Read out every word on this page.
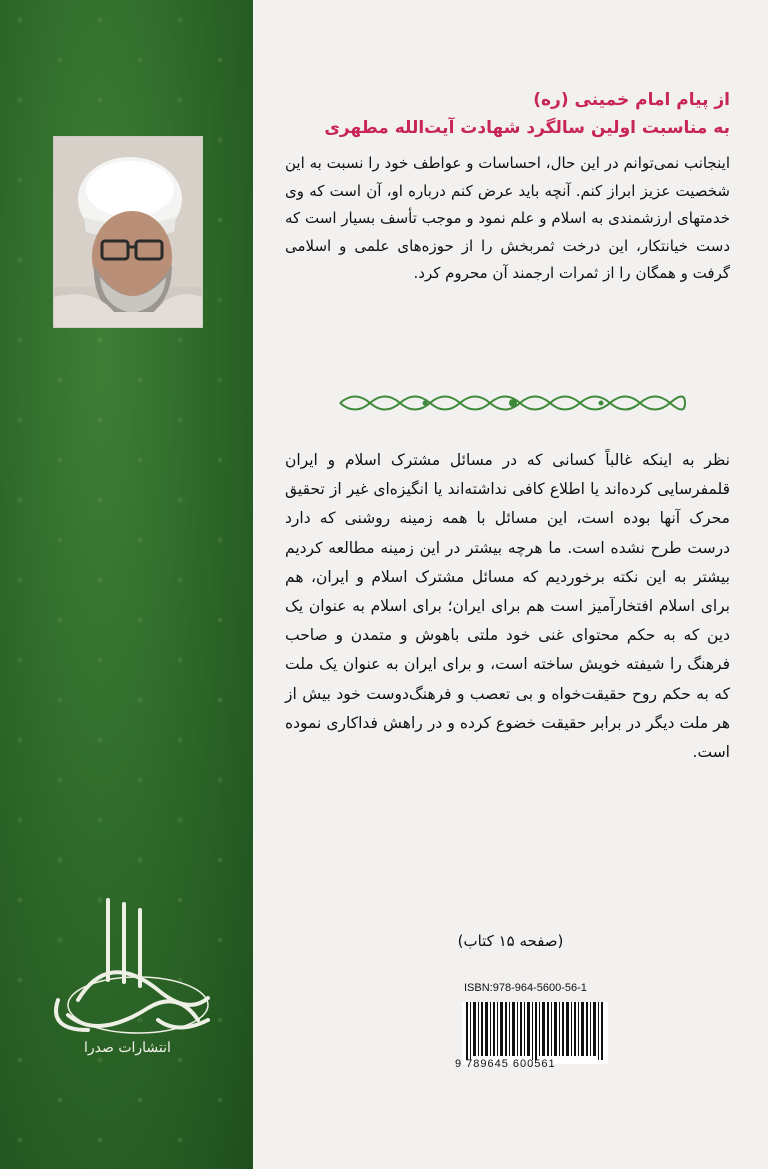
انتشارات صدرا
از پیام امام خمینی (ره)
به مناسبت اولین سالگرد شهادت آیت‌الله مطهری
اینجانب نمی‌توانم در این حال، احساسات و عواطف خود را نسبت به این شخصیت عزیز ابراز کنم. آنچه باید عرض کنم درباره او، آن است که وی خدمتهای ارزشمندی به اسلام و علم نمود و موجب تأسف بسیار است که دست خیانتکار، این درخت ثمربخش را از حوزه‌های علمی و اسلامی گرفت و همگان را از ثمرات ارجمند آن محروم کرد.
نظر به اینکه غالباً کسانی که در مسائل مشترک اسلام و ایران قلمفرسایی کرده‌اند یا اطلاع کافی نداشته‌اند یا انگیزه‌ای غیر از تحقیق محرک آنها بوده است، این مسائل با همه زمینه روشنی که دارد درست طرح نشده است. ما هرچه بیشتر در این زمینه مطالعه کردیم بیشتر به این نکته برخوردیم که مسائل مشترک اسلام و ایران، هم برای اسلام افتخارآمیز است هم برای ایران؛ برای اسلام به عنوان یک دین که به حکم محتوای غنی خود ملتی باهوش و متمدن و صاحب فرهنگ را شیفته خویش ساخته است، و برای ایران به عنوان یک ملت که به حکم روح حقیقت‌خواه و بی تعصب و فرهنگ‌دوست خود بیش از هر ملت دیگر در برابر حقیقت خضوع کرده و در راهش فداکاری نموده است.
(صفحه ۱۵ کتاب)
ISBN:978-964-5600-56-1
9 789645 600561
